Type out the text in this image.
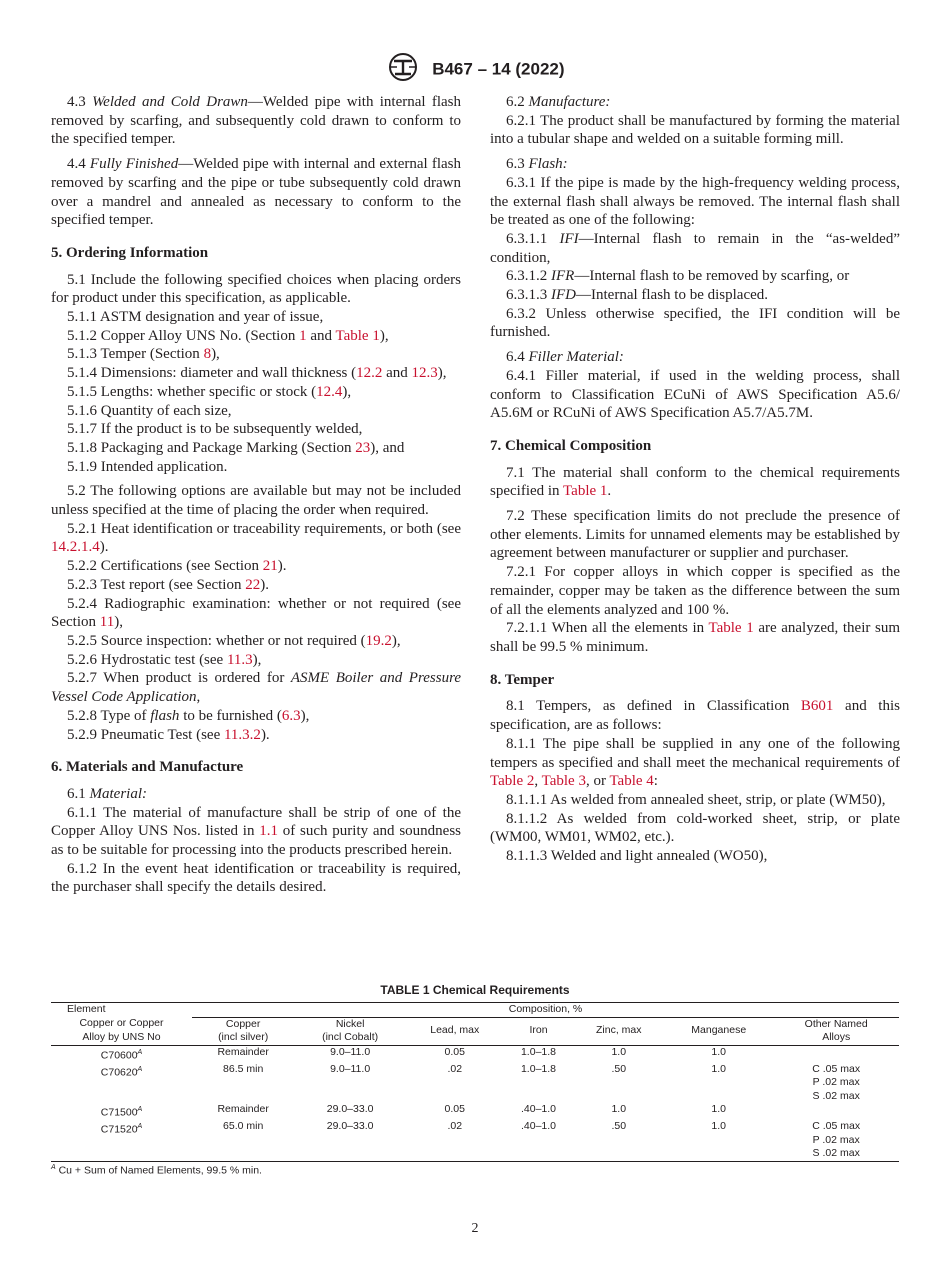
B467 – 14 (2022)

4.3 Welded and Cold Drawn—Welded pipe with internal flash removed by scarfing, and subsequently cold drawn to conform to the specified temper.

4.4 Fully Finished—Welded pipe with internal and external flash removed by scarfing and the pipe or tube subsequently cold drawn over a mandrel and annealed as necessary to conform to the specified temper.

5. Ordering Information

5.1 Include the following specified choices when placing orders for product under this specification, as applicable.

5.1.1 ASTM designation and year of issue,

5.1.2 Copper Alloy UNS No. (Section 1 and Table 1),

5.1.3 Temper (Section 8),

5.1.4 Dimensions: diameter and wall thickness (12.2 and 12.3),

5.1.5 Lengths: whether specific or stock (12.4),

5.1.6 Quantity of each size,

5.1.7 If the product is to be subsequently welded,

5.1.8 Packaging and Package Marking (Section 23), and

5.1.9 Intended application.

5.2 The following options are available but may not be included unless specified at the time of placing the order when required.

5.2.1 Heat identification or traceability requirements, or both (see 14.2.1.4).

5.2.2 Certifications (see Section 21).

5.2.3 Test report (see Section 22).

5.2.4 Radiographic examination: whether or not required (see Section 11),

5.2.5 Source inspection: whether or not required (19.2),

5.2.6 Hydrostatic test (see 11.3),

5.2.7 When product is ordered for ASME Boiler and Pressure Vessel Code Application,

5.2.8 Type of flash to be furnished (6.3),

5.2.9 Pneumatic Test (see 11.3.2).

6. Materials and Manufacture

6.1 Material:

6.1.1 The material of manufacture shall be strip of one of the Copper Alloy UNS Nos. listed in 1.1 of such purity and soundness as to be suitable for processing into the products prescribed herein.

6.1.2 In the event heat identification or traceability is required, the purchaser shall specify the details desired.

6.2 Manufacture:

6.2.1 The product shall be manufactured by forming the material into a tubular shape and welded on a suitable forming mill.

6.3 Flash:

6.3.1 If the pipe is made by the high-frequency welding process, the external flash shall always be removed. The internal flash shall be treated as one of the following:

6.3.1.1 IFI—Internal flash to remain in the “as-welded” condition,

6.3.1.2 IFR—Internal flash to be removed by scarfing, or

6.3.1.3 IFD—Internal flash to be displaced.

6.3.2 Unless otherwise specified, the IFI condition will be furnished.

6.4 Filler Material:

6.4.1 Filler material, if used in the welding process, shall conform to Classification ECuNi of AWS Specification A5.6/ A5.6M or RCuNi of AWS Specification A5.7/A5.7M.

7. Chemical Composition

7.1 The material shall conform to the chemical requirements specified in Table 1.

7.2 These specification limits do not preclude the presence of other elements. Limits for unnamed elements may be established by agreement between manufacturer or supplier and purchaser.

7.2.1 For copper alloys in which copper is specified as the remainder, copper may be taken as the difference between the sum of all the elements analyzed and 100 %.

7.2.1.1 When all the elements in Table 1 are analyzed, their sum shall be 99.5 % minimum.

8. Temper

8.1 Tempers, as defined in Classification B601 and this specification, are as follows:

8.1.1 The pipe shall be supplied in any one of the following tempers as specified and shall meet the mechanical requirements of Table 2, Table 3, or Table 4:

8.1.1.1 As welded from annealed sheet, strip, or plate (WM50),

8.1.1.2 As welded from cold-worked sheet, strip, or plate (WM00, WM01, WM02, etc.).

8.1.1.3 Welded and light annealed (WO50),

TABLE 1 Chemical Requirements
Element	Composition, %						
Copper or Copper
Alloy by UNS No	Copper
(incl silver)	Nickel
(incl Cobalt)	Lead, max	Iron	Zinc, max	Manganese	Other Named
Alloys
$C70600^A$	Remainder	9.0–11.0	0.05	1.0–1.8	1.0	1.0	
$C70620^A$	86.5 min	9.0–11.0	.02	1.0–1.8	.50	1.0	C .05 max
P .02 max
S .02 max
$C71500^A$	Remainder	29.0–33.0	0.05	.40–1.0	1.0	1.0	
$C71520^A$	65.0 min	29.0–33.0	.02	.40–1.0	.50	1.0	C .05 max
P .02 max
S .02 max
$^A$ Cu + Sum of Named Elements, 99.5 % min.
2
